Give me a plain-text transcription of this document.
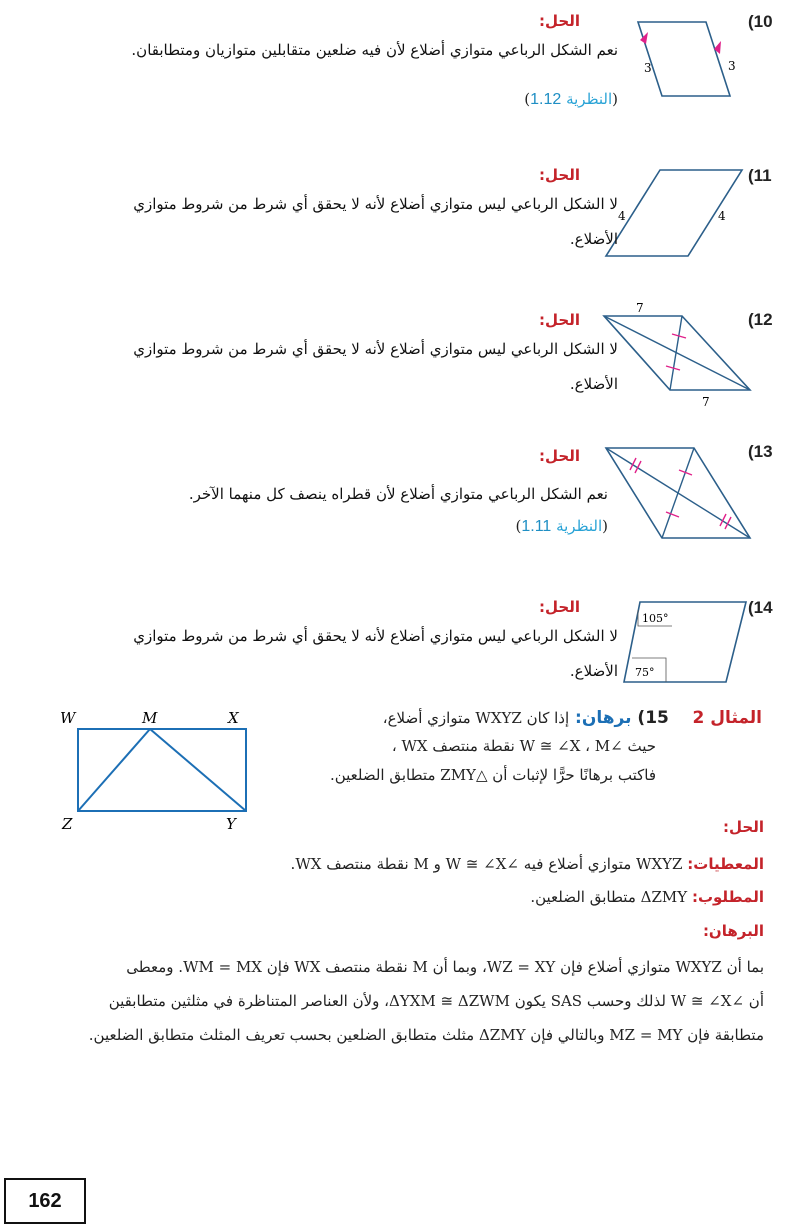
(10
3	3
الحل:
نعم الشكل الرباعي متوازي أضلاع لأن فيه ضلعين متقابلين متوازيان ومتطابقان.
(النظرية 1.12)
(11
4	4
الحل:
لا الشكل الرباعي ليس متوازي أضلاع لأنه لا يحقق أي شرط من شروط متوازي
الأضلاع.
(12
7
7
الحل:
لا الشكل الرباعي ليس متوازي أضلاع لأنه لا يحقق أي شرط من شروط متوازي
الأضلاع.
(13
الحل:
نعم الشكل الرباعي متوازي أضلاع لأن قطراه ينصف كل منهما الآخر.
(النظرية 1.11)
(14
105°
75°
الحل:
لا الشكل الرباعي ليس متوازي أضلاع لأنه لا يحقق أي شرط من شروط متوازي
الأضلاع.
W	M	X
Z	Y
المثال 2    15) برهان: إذا كان WXYZ متوازي أضلاع،
حيث ∠W ≅ ∠X ، M نقطة منتصف WX ،
فاكتب برهانًا حرًّا لإثبات أن △ZMY متطابق الضلعين.
الحل:
المعطيات: WXYZ متوازي أضلاع فيه ∠W ≅ ∠X و M نقطة منتصف WX.
المطلوب: ΔZMY متطابق الضلعين.
البرهان:
بما أن WXYZ متوازي أضلاع فإن WZ = XY، وبما أن M نقطة منتصف WX فإن WM = MX. ومعطى
أن ∠W ≅ ∠X لذلك وحسب SAS يكون ΔYXM ≅ ΔZWM، ولأن العناصر المتناظرة في مثلثين متطابقين
متطابقة فإن MZ = MY وبالتالي فإن ΔZMY مثلث متطابق الضلعين بحسب تعريف المثلث متطابق الضلعين.
162
